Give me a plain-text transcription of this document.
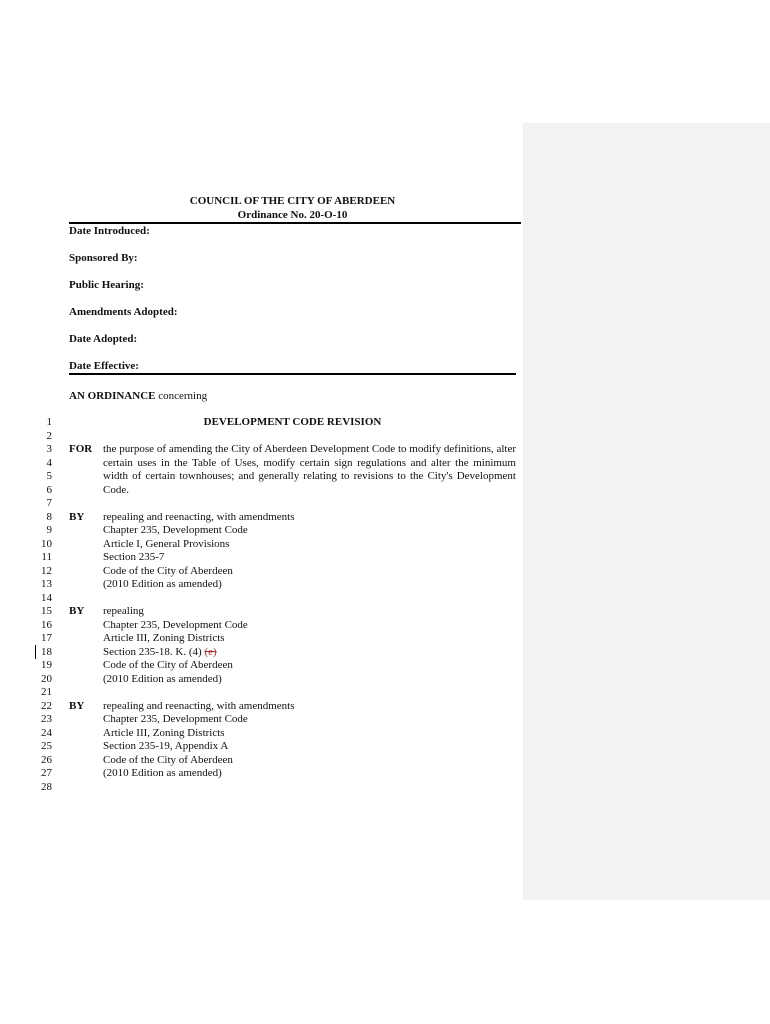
COUNCIL OF THE CITY OF ABERDEEN
Ordinance No. 20-O-10
Date Introduced:
Sponsored By:
Public Hearing:
Amendments Adopted:
Date Adopted:
Date Effective:
AN ORDINANCE concerning
1
2
3
4
5
6
7
8
9
10
11
12
13
14
15
16
17
18
19
20
21
22
23
24
25
26
27
28
DEVELOPMENT CODE REVISION
FOR the purpose of amending the City of Aberdeen Development Code to modify definitions, alter certain uses in the Table of Uses, modify certain sign regulations and alter the minimum width of certain townhouses; and generally relating to revisions to the City's Development Code.
BY repealing and reenacting, with amendments
Chapter 235, Development Code
Article I, General Provisions
Section 235-7
Code of the City of Aberdeen
(2010 Edition as amended)
BY repealing
Chapter 235, Development Code
Article III, Zoning Districts
Section 235-18. K. (4) (e)
Code of the City of Aberdeen
(2010 Edition as amended)
BY repealing and reenacting, with amendments
Chapter 235, Development Code
Article III, Zoning Districts
Section 235-19, Appendix A
Code of the City of Aberdeen
(2010 Edition as amended)
